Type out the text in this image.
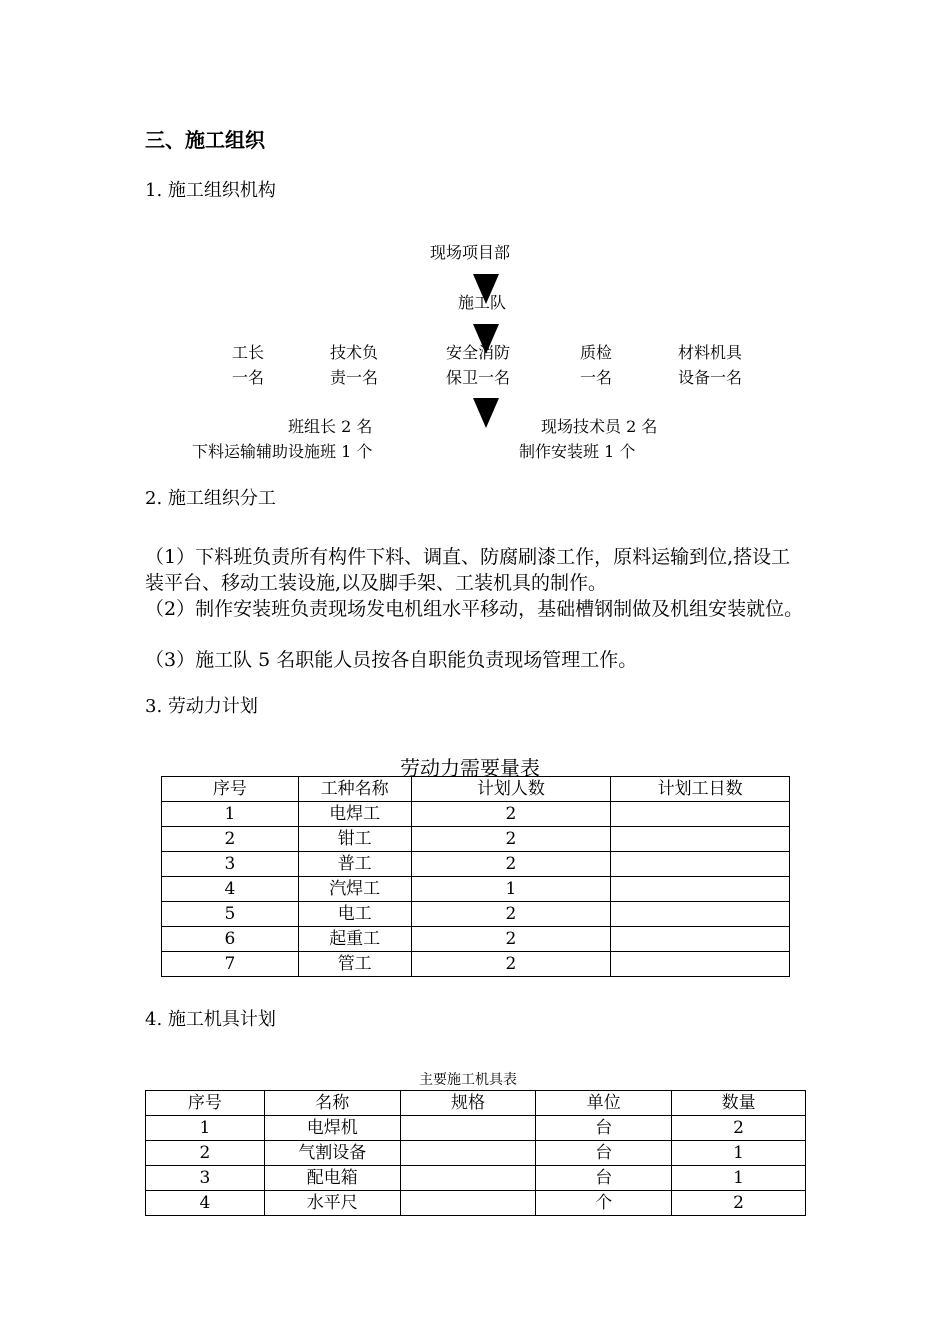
三、施工组织
1. 施工组织机构
现场项目部
施工队
工长
一名
技术负
责一名
安全消防
保卫一名
质检
一名
材料机具
设备一名
班组长 2 名
下料运输辅助设施班 1 个
现场技术员 2 名
制作安装班 1 个
2. 施工组织分工
（1）下料班负责所有构件下料、调直、防腐刷漆工作，原料运输到位,搭设工装平台、移动工装设施,以及脚手架、工装机具的制作。
（2）制作安装班负责现场发电机组水平移动，基础槽钢制做及机组安装就位。
（3）施工队 5 名职能人员按各自职能负责现场管理工作。
3. 劳动力计划
劳动力需要量表
序号	工种名称	计划人数	计划工日数
1	电焊工	2	
2	钳工	2	
3	普工	2	
4	汽焊工	1	
5	电工	2	
6	起重工	2	
7	管工	2	
4. 施工机具计划
主要施工机具表
序号	名称	规格	单位	数量
1	电焊机		台	2
2	气割设备		台	1
3	配电箱		台	1
4	水平尺		个	2
